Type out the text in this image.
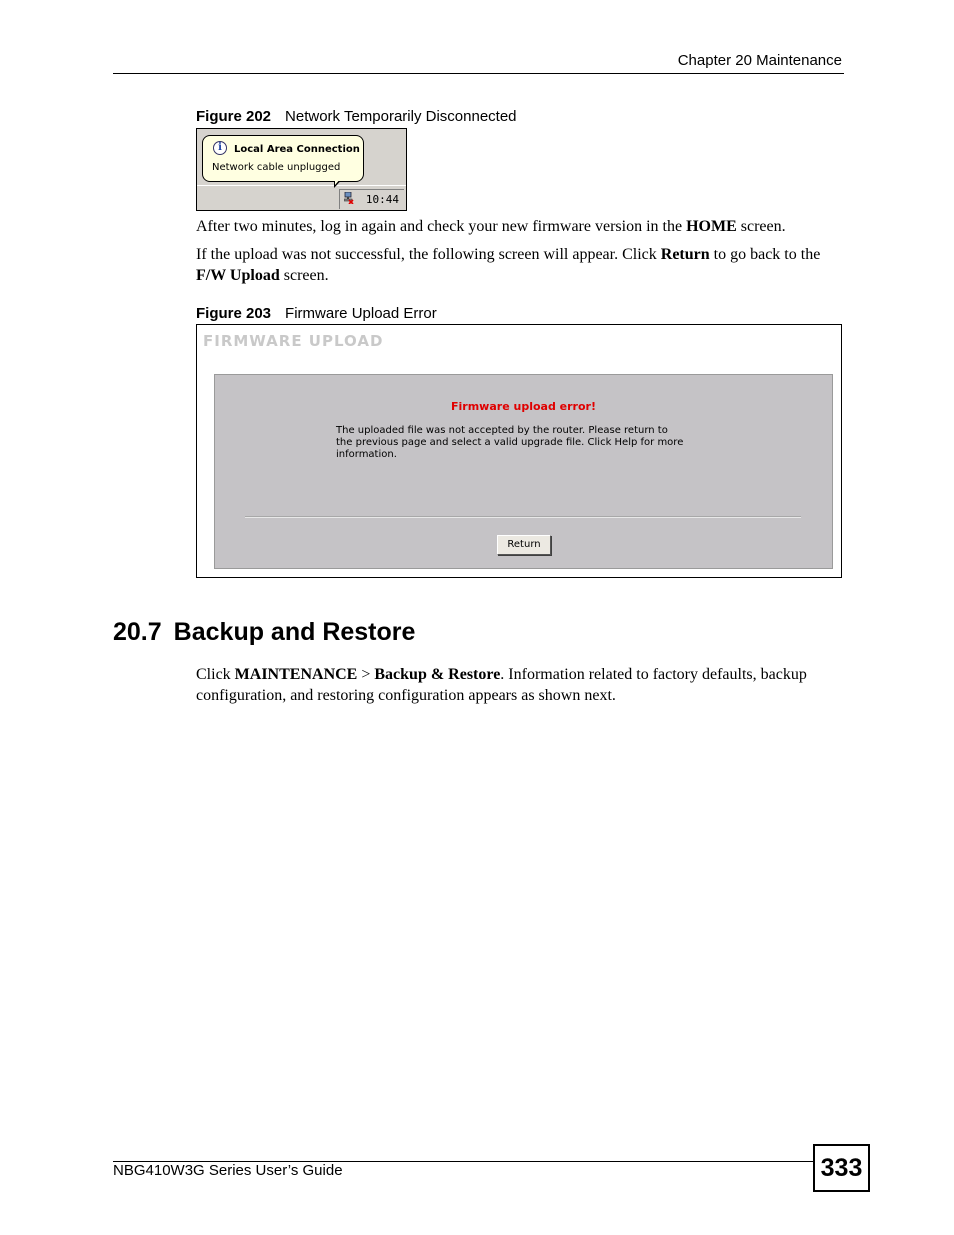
Chapter 20 Maintenance
Figure 202 Network Temporarily Disconnected
10:44
i	Local Area Connection
Network cable unplugged
After two minutes, log in again and check your new firmware version in the HOME screen.
If the upload was not successful, the following screen will appear. Click Return to go back to the F/W Upload screen.
Figure 203 Firmware Upload Error
FIRMWARE UPLOAD
Firmware upload error!
The uploaded file was not accepted by the router. Please return to
the previous page and select a valid upgrade file. Click Help for more
information.
Return
20.7 Backup and Restore
Click MAINTENANCE > Backup & Restore. Information related to factory defaults, backup configuration, and restoring configuration appears as shown next.
NBG410W3G Series User’s Guide	333
